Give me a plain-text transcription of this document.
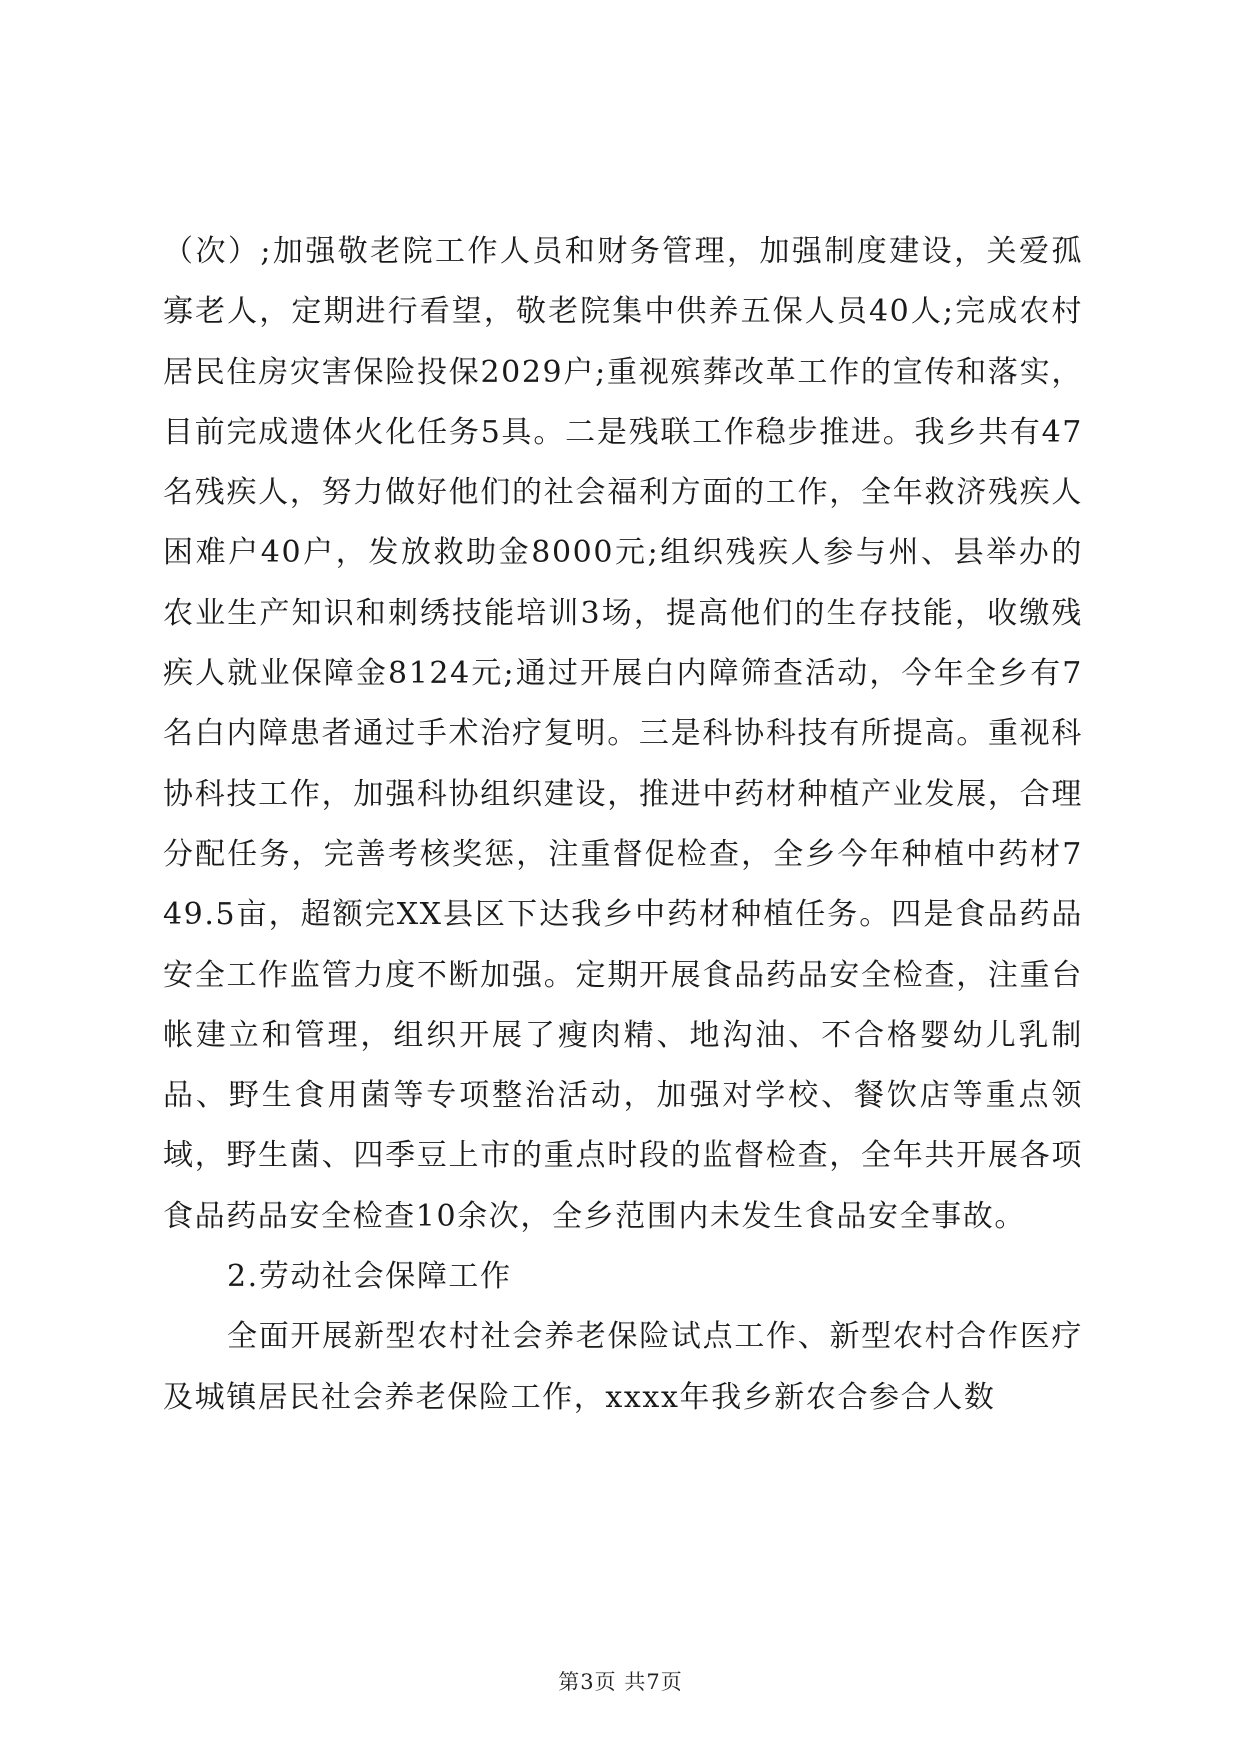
（次）;加强敬老院工作人员和财务管理，加强制度建设，关爱孤寡老人，定期进行看望，敬老院集中供养五保人员40人;完成农村居民住房灾害保险投保2029户;重视殡葬改革工作的宣传和落实，目前完成遗体火化任务5具。二是残联工作稳步推进。我乡共有47名残疾人，努力做好他们的社会福利方面的工作，全年救济残疾人困难户40户，发放救助金8000元;组织残疾人参与州、县举办的农业生产知识和刺绣技能培训3场，提高他们的生存技能，收缴残疾人就业保障金8124元;通过开展白内障筛查活动，今年全乡有7名白内障患者通过手术治疗复明。三是科协科技有所提高。重视科协科技工作，加强科协组织建设，推进中药材种植产业发展，合理分配任务，完善考核奖惩，注重督促检查，全乡今年种植中药材749.5亩，超额完XX县区下达我乡中药材种植任务。四是食品药品安全工作监管力度不断加强。定期开展食品药品安全检查，注重台帐建立和管理，组织开展了瘦肉精、地沟油、不合格婴幼儿乳制品、野生食用菌等专项整治活动，加强对学校、餐饮店等重点领域，野生菌、四季豆上市的重点时段的监督检查，全年共开展各项食品药品安全检查10余次，全乡范围内未发生食品安全事故。

2.劳动社会保障工作

全面开展新型农村社会养老保险试点工作、新型农村合作医疗及城镇居民社会养老保险工作，xxxx年我乡新农合参合人数

第3页 共7页
